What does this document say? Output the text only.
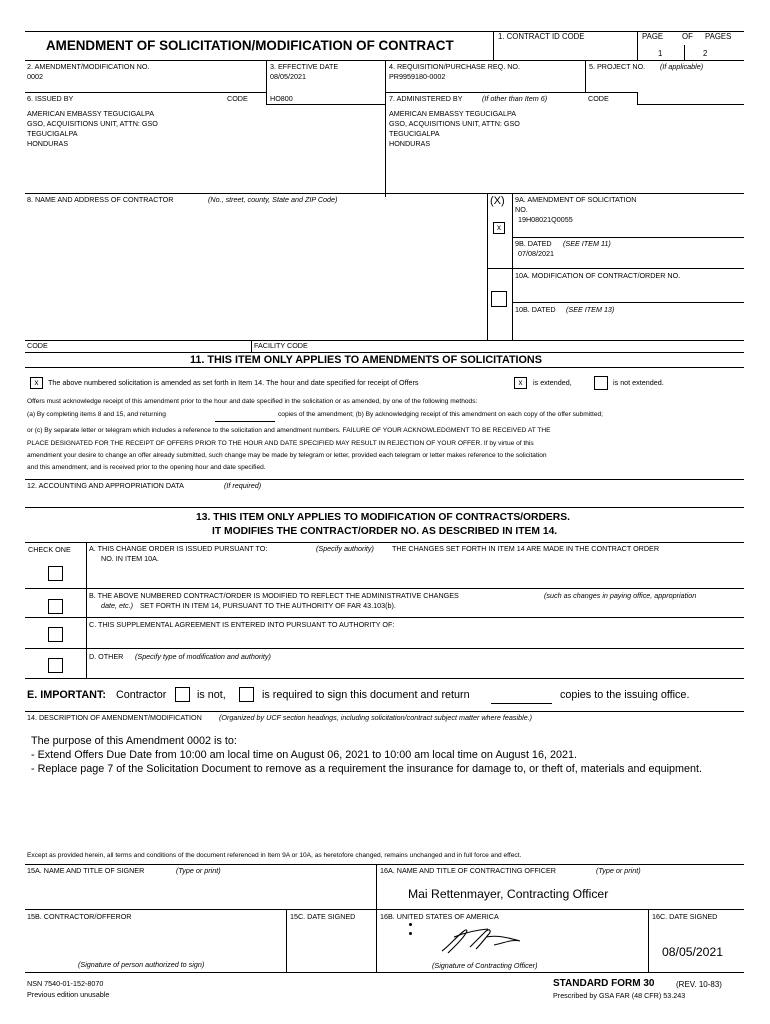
AMENDMENT OF SOLICITATION/MODIFICATION OF CONTRACT
1. CONTRACT ID CODE	PAGE OF PAGES
1	2
2. AMENDMENT/MODIFICATION NO.
0002
3. EFFECTIVE DATE
08/05/2021
4. REQUISITION/PURCHASE REQ. NO.
PR9959180-0002
5. PROJECT NO. (If applicable)
6. ISSUED BY	CODE	HO800
AMERICAN EMBASSY TEGUCIGALPA
GSO, ACQUISITIONS UNIT, ATTN: GSO
TEGUCIGALPA
HONDURAS
7. ADMINISTERED BY	(If other than Item 6)	CODE
AMERICAN EMBASSY TEGUCIGALPA
GSO, ACQUISITIONS UNIT, ATTN: GSO
TEGUCIGALPA
HONDURAS
8. NAME AND ADDRESS OF CONTRACTOR	(No., street, county, State and ZIP Code)	(X)
x
9A. AMENDMENT OF SOLICITATION
NO.
19H08021Q0055
9B. DATED (SEE ITEM 11)
07/08/2021
10A. MODIFICATION OF CONTRACT/ORDER NO.
10B. DATED (SEE ITEM 13)
CODE	FACILITY CODE
11. THIS ITEM ONLY APPLIES TO AMENDMENTS OF SOLICITATIONS
x	The above numbered solicitation is amended as set forth in Item 14. The hour and date specified for receipt of Offers	x	is extended,	is not extended.
Offers must acknowledge receipt of this amendment prior to the hour and date specified in the solicitation or as amended, by one of the following methods:
(a) By completing items 8 and 15, and returning	copies of the amendment; (b) By acknowledging receipt of this amendment on each copy of the offer submitted;
or (c) By separate letter or telegram which includes a reference to the solicitation and amendment numbers. FAILURE OF YOUR ACKNOWLEDGMENT TO BE RECEIVED AT THE
PLACE DESIGNATED FOR THE RECEIPT OF OFFERS PRIOR TO THE HOUR AND DATE SPECIFIED MAY RESULT IN REJECTION OF YOUR OFFER. If by virtue of this
amendment your desire to change an offer already submitted, such change may be made by telegram or letter, provided each telegram or letter makes reference to the solicitation
and this amendment, and is received prior to the opening hour and date specified.
12. ACCOUNTING AND APPROPRIATION DATA	(If required)
13. THIS ITEM ONLY APPLIES TO MODIFICATION OF CONTRACTS/ORDERS.
IT MODIFIES THE CONTRACT/ORDER NO. AS DESCRIBED IN ITEM 14.
CHECK ONE	A. THIS CHANGE ORDER IS ISSUED PURSUANT TO:	(Specify authority)	THE CHANGES SET FORTH IN ITEM 14 ARE MADE IN THE CONTRACT ORDER
NO. IN ITEM 10A.
B. THE ABOVE NUMBERED CONTRACT/ORDER IS MODIFIED TO REFLECT THE ADMINISTRATIVE CHANGES	(such as changes in paying office, appropriation
date, etc.) SET FORTH IN ITEM 14, PURSUANT TO THE AUTHORITY OF FAR 43.103(b).
C. THIS SUPPLEMENTAL AGREEMENT IS ENTERED INTO PURSUANT TO AUTHORITY OF:
D. OTHER (Specify type of modification and authority)
E. IMPORTANT: Contractor	is not,	is required to sign this document and return	copies to the issuing office.
14. DESCRIPTION OF AMENDMENT/MODIFICATION (Organized by UCF section headings, including solicitation/contract subject matter where feasible.)
The purpose of this Amendment 0002 is to:
- Extend Offers Due Date from 10:00 am local time on August 06, 2021 to 10:00 am local time on August 16, 2021.
- Replace page 7 of the Solicitation Document to remove as a requirement the insurance for damage to, or theft of, materials and equipment.
Except as provided herein, all terms and conditions of the document referenced in Item 9A or 10A, as heretofore changed, remains unchanged and in full force and effect.
15A. NAME AND TITLE OF SIGNER	(Type or print)	16A. NAME AND TITLE OF CONTRACTING OFFICER	(Type or print)
Mai Rettenmayer, Contracting Officer
15B. CONTRACTOR/OFFEROR	15C. DATE SIGNED	16B. UNITED STATES OF AMERICA	16C. DATE SIGNED
08/05/2021
(Signature of person authorized to sign)	(Signature of Contracting Officer)
NSN 7540-01-152-8070
Previous edition unusable
STANDARD FORM 30	(REV. 10-83)
Prescribed by GSA FAR (48 CFR) 53.243
